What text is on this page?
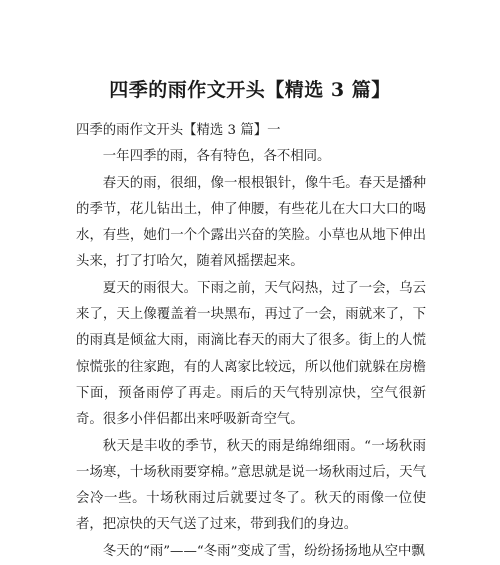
四季的雨作文开头【精选 3 篇】

四季的雨作文开头【精选 3 篇】一

一年四季的雨，各有特色，各不相同。

春天的雨，很细，像一根根银针，像牛毛。春天是播种的季节，花儿钻出土，伸了伸腰，有些花儿在大口大口的喝水，有些，她们一个个露出兴奋的笑脸。小草也从地下伸出头来，打了打哈欠，随着风摇摆起来。

夏天的雨很大。下雨之前，天气闷热，过了一会，乌云来了，天上像覆盖着一块黑布，再过了一会，雨就来了，下的雨真是倾盆大雨，雨滴比春天的雨大了很多。街上的人慌惊慌张的往家跑，有的人离家比较远，所以他们就躲在房檐下面，预备雨停了再走。雨后的天气特别凉快，空气很新奇。很多小伴侣都出来呼吸新奇空气。

秋天是丰收的季节，秋天的雨是绵绵细雨。“一场秋雨一场寒，十场秋雨要穿棉。”意思就是说一场秋雨过后，天气会冷一些。十场秋雨过后就要过冬了。秋天的雨像一位使者，把凉快的天气送了过来，带到我们的身边。

冬天的“雨”——“冬雨”变成了雪，纷纷扬扬地从空中飘
